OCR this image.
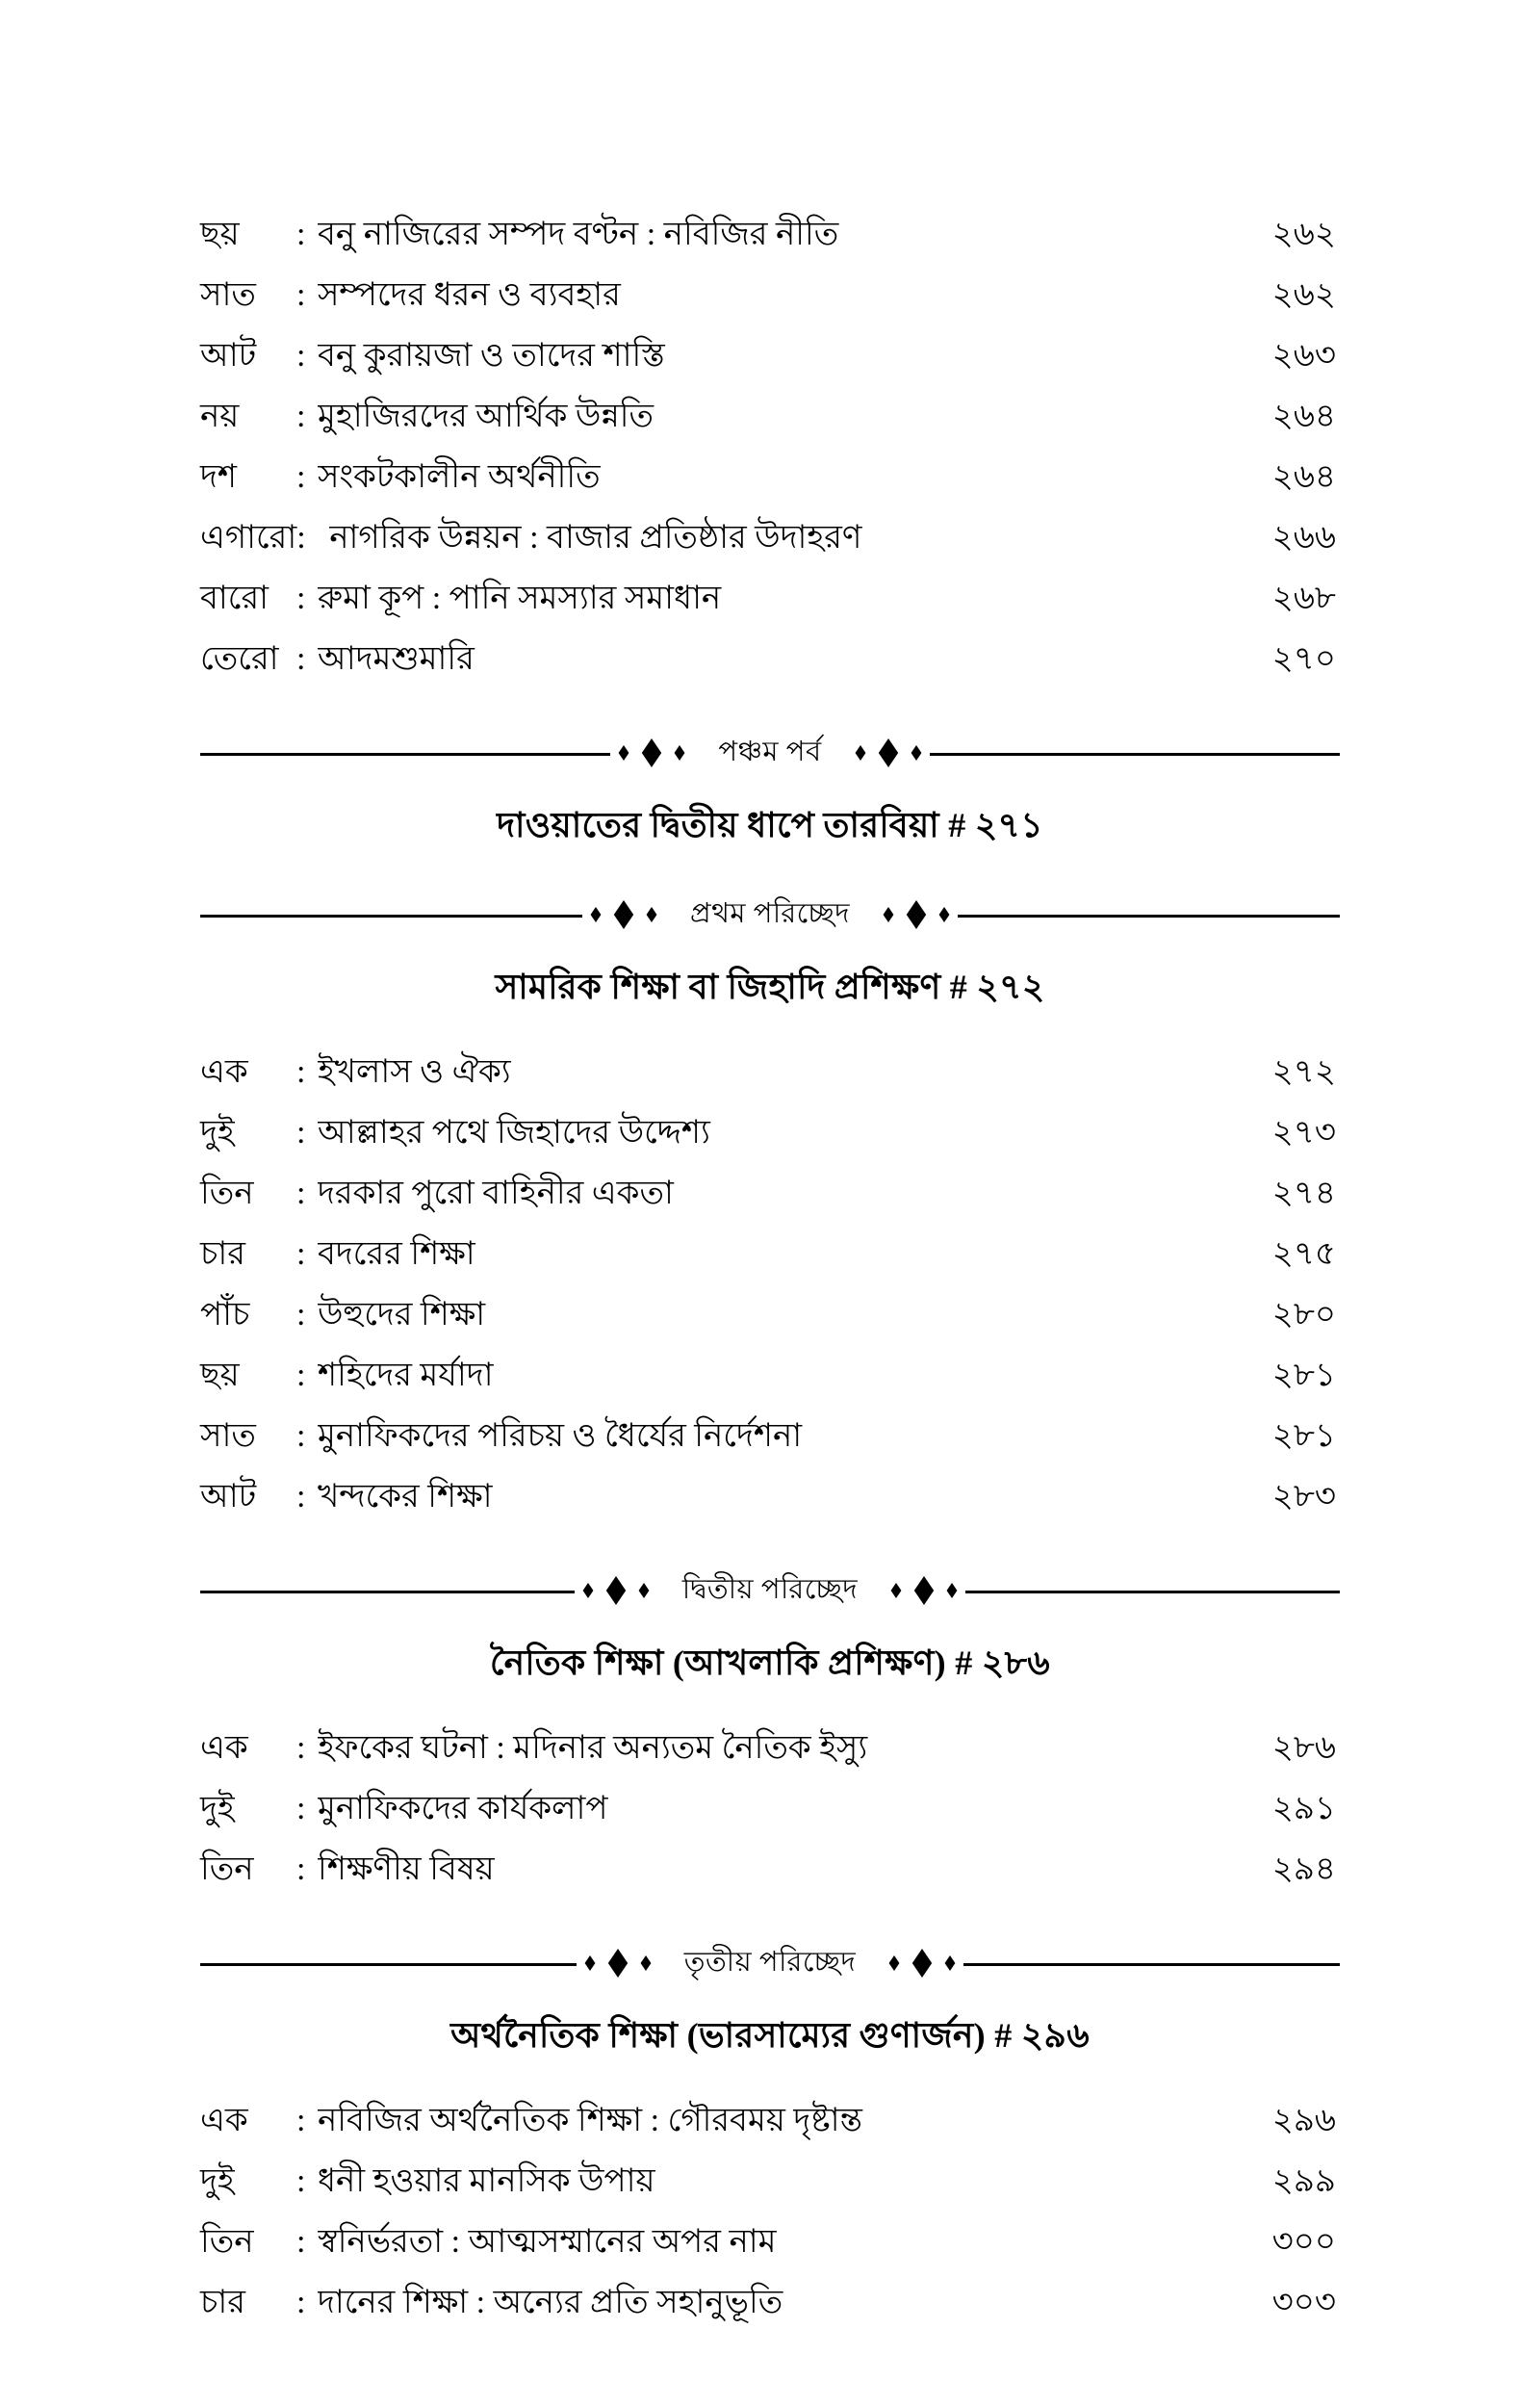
ছয়	: বনু নাজিরের সম্পদ বণ্টন : নবিজির নীতি	২৬২
সাত	: সম্পদের ধরন ও ব্যবহার	২৬২
আট	: বনু কুরায়জা ও তাদের শাস্তি	২৬৩
নয়	: মুহাজিরদের আর্থিক উন্নতি	২৬৪
দশ	: সংকটকালীন অর্থনীতি	২৬৪
এগারো : নাগরিক উন্নয়ন : বাজার প্রতিষ্ঠার উদাহরণ	২৬৬
বারো : রুমা কূপ : পানি সমস্যার সমাধান	২৬৮
তেরো : আদমশুমারি	২৭০
পঞ্চম পর্ব
দাওয়াতের দ্বিতীয় ধাপে তারবিয়া # ২৭১
প্রথম পরিচ্ছেদ
সামরিক শিক্ষা বা জিহাদি প্রশিক্ষণ # ২৭২
এক	: ইখলাস ও ঐক্য	২৭২
দুই	: আল্লাহর পথে জিহাদের উদ্দেশ্য	২৭৩
তিন	: দরকার পুরো বাহিনীর একতা	২৭৪
চার	: বদরের শিক্ষা	২৭৫
পাঁচ	: উহুদের শিক্ষা	২৮০
ছয়	: শহিদের মর্যাদা	২৮১
সাত	: মুনাফিকদের পরিচয় ও ধৈর্যের নির্দেশনা	২৮১
আট	: খন্দকের শিক্ষা	২৮৩
দ্বিতীয় পরিচ্ছেদ
নৈতিক শিক্ষা (আখলাকি প্রশিক্ষণ) # ২৮৬
এক	: ইফকের ঘটনা : মদিনার অন্যতম নৈতিক ইস্যু	২৮৬
দুই	: মুনাফিকদের কার্যকলাপ	২৯১
তিন	: শিক্ষণীয় বিষয়	২৯৪
তৃতীয় পরিচ্ছেদ
অর্থনৈতিক শিক্ষা (ভারসাম্যের গুণার্জন) # ২৯৬
এক	: নবিজির অর্থনৈতিক শিক্ষা : গৌরবময় দৃষ্টান্ত	২৯৬
দুই	: ধনী হওয়ার মানসিক উপায়	২৯৯
তিন	: স্বনির্ভরতা : আত্মসম্মানের অপর নাম	৩০০
চার	: দানের শিক্ষা : অন্যের প্রতি সহানুভূতি	৩০৩
